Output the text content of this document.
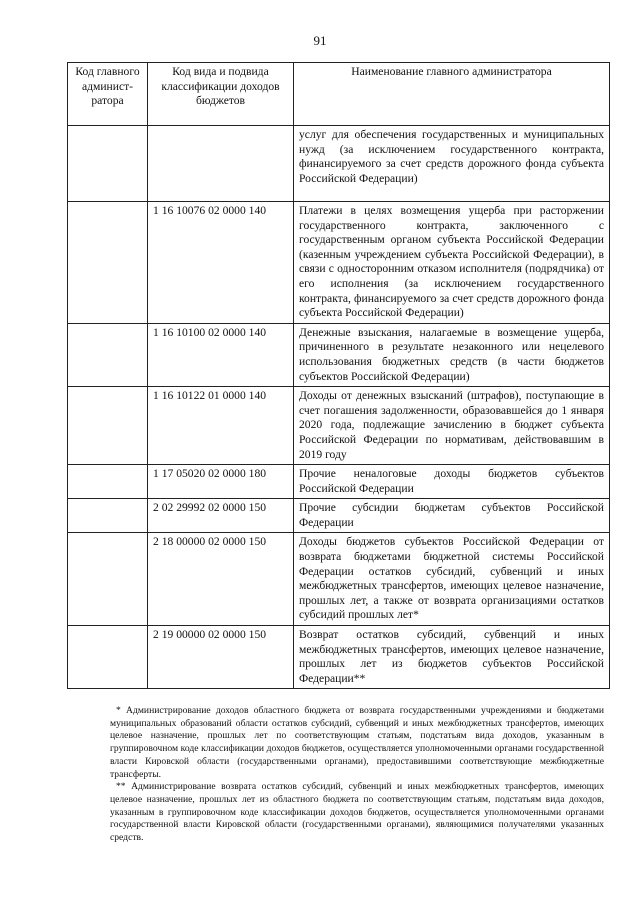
91
Код главного админист-ратора	Код вида и подвида классификации доходов бюджетов	Наименование главного администратора
		услуг для обеспечения государственных и муниципальных нужд (за исключением государственного контракта, финансируемого за счет средств дорожного фонда субъекта Российской Федерации)
	1 16 10076 02 0000 140	Платежи в целях возмещения ущерба при расторжении государственного контракта, заключенного с государственным органом субъекта Российской Федерации (казенным учреждением субъекта Российской Федерации), в связи с односторонним отказом исполнителя (подрядчика) от его исполнения (за исключением государственного контракта, финансируемого за счет средств дорожного фонда субъекта Российской Федерации)
	1 16 10100 02 0000 140	Денежные взыскания, налагаемые в возмещение ущерба, причиненного в результате незаконного или нецелевого использования бюджетных средств (в части бюджетов субъектов Российской Федерации)
	1 16 10122 01 0000 140	Доходы от денежных взысканий (штрафов), поступающие в счет погашения задолженности, образовавшейся до 1 января 2020 года, подлежащие зачислению в бюджет субъекта Российской Федерации по нормативам, действовавшим в 2019 году
	1 17 05020 02 0000 180	Прочие неналоговые доходы бюджетов субъектов Российской Федерации
	2 02 29992 02 0000 150	Прочие субсидии бюджетам субъектов Российской Федерации
	2 18 00000 02 0000 150	Доходы бюджетов субъектов Российской Федерации от возврата бюджетами бюджетной системы Российской Федерации остатков субсидий, субвенций и иных межбюджетных трансфертов, имеющих целевое назначение, прошлых лет, а также от возврата организациями остатков субсидий прошлых лет*
	2 19 00000 02 0000 150	Возврат остатков субсидий, субвенций и иных межбюджетных трансфертов, имеющих целевое назначение, прошлых лет из бюджетов субъектов Российской Федерации**

* Администрирование доходов областного бюджета от возврата государственными учреждениями и бюджетами муниципальных образований области остатков субсидий, субвенций и иных межбюджетных трансфертов, имеющих целевое назначение, прошлых лет по соответствующим статьям, подстатьям вида доходов, указанным в группировочном коде классификации доходов бюджетов, осуществляется уполномоченными органами государственной власти Кировской области (государственными органами), предоставившими соответствующие межбюджетные трансферты.

** Администрирование возврата остатков субсидий, субвенций и иных межбюджетных трансфертов, имеющих целевое назначение, прошлых лет из областного бюджета по соответствующим статьям, подстатьям вида доходов, указанным в группировочном коде классификации доходов бюджетов, осуществляется уполномоченными органами государственной власти Кировской области (государственными органами), являющимися получателями указанных средств.
